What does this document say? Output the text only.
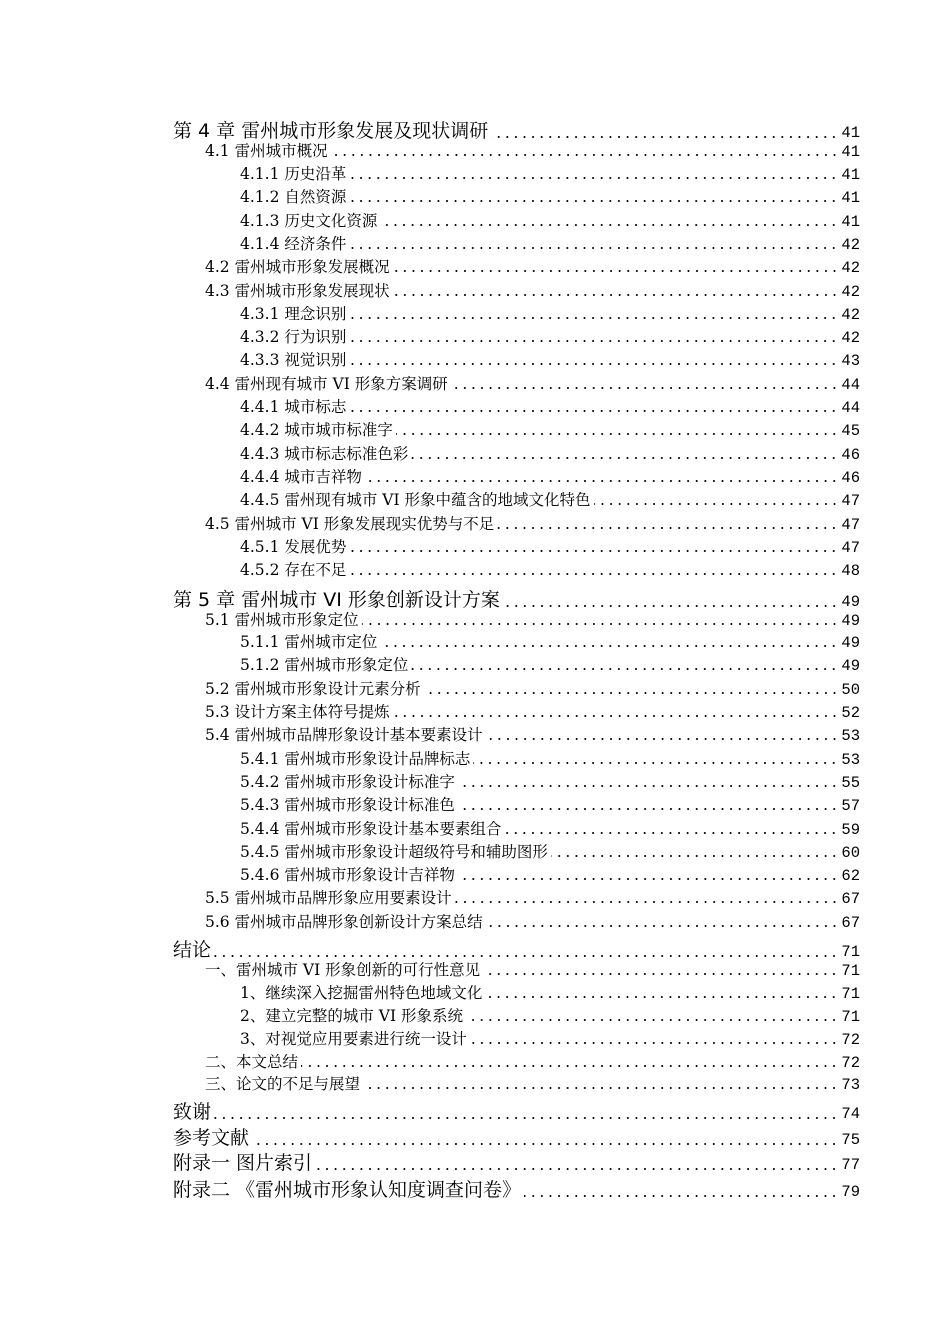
第 4 章 雷州城市形象发展及现状调研	41
4.1 雷州城市概况	41
4.1.1 历史沿革	41
4.1.2 自然资源	41
4.1.3 历史文化资源	41
4.1.4 经济条件	42
4.2 雷州城市形象发展概况	42
4.3 雷州城市形象发展现状	42
4.3.1 理念识别	42
4.3.2 行为识别	42
4.3.3 视觉识别	43
4.4 雷州现有城市 VI 形象方案调研	44
4.4.1 城市标志	44
4.4.2 城市城市标准字	45
4.4.3 城市标志标准色彩	46
4.4.4 城市吉祥物	46
4.4.5 雷州现有城市 VI 形象中蕴含的地域文化特色	47
4.5 雷州城市 VI 形象发展现实优势与不足	47
4.5.1 发展优势	47
4.5.2 存在不足	48
第 5 章 雷州城市 VI 形象创新设计方案	49
5.1 雷州城市形象定位	49
5.1.1 雷州城市定位	49
5.1.2 雷州城市形象定位	49
5.2 雷州城市形象设计元素分析	50
5.3 设计方案主体符号提炼	52
5.4 雷州城市品牌形象设计基本要素设计	53
5.4.1 雷州城市形象设计品牌标志	53
5.4.2 雷州城市形象设计标准字	55
5.4.3 雷州城市形象设计标准色	57
5.4.4 雷州城市形象设计基本要素组合	59
5.4.5 雷州城市形象设计超级符号和辅助图形	60
5.4.6 雷州城市形象设计吉祥物	62
5.5 雷州城市品牌形象应用要素设计	67
5.6 雷州城市品牌形象创新设计方案总结	67
结论	71
一、雷州城市 VI 形象创新的可行性意见	71
1、继续深入挖掘雷州特色地域文化	71
2、建立完整的城市 VI 形象系统	71
3、对视觉应用要素进行统一设计	72
二、本文总结	72
三、论文的不足与展望	73
致谢	74
参考文献	75
附录一 图片索引	77
附录二 《雷州城市形象认知度调查问卷》	79
